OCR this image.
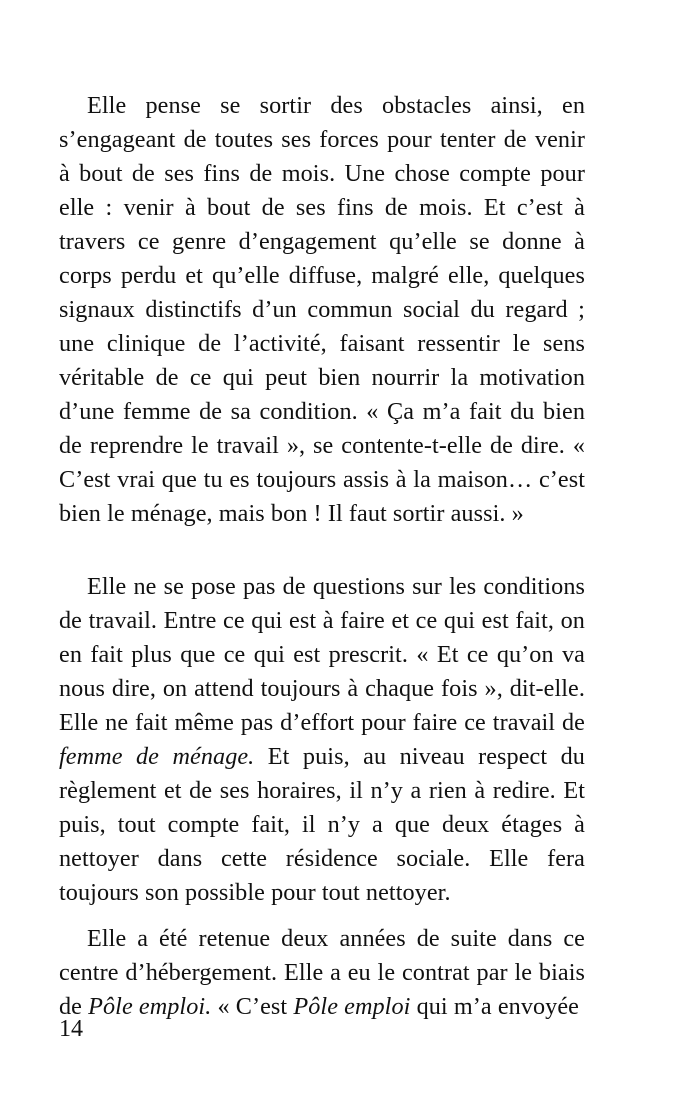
Elle pense se sortir des obstacles ainsi, en s’engageant de toutes ses forces pour tenter de venir à bout de ses fins de mois. Une chose compte pour elle : venir à bout de ses fins de mois. Et c’est à travers ce genre d’engagement qu’elle se donne à corps perdu et qu’elle diffuse, malgré elle, quelques signaux distinctifs d’un commun social du regard ; une clinique de l’activité, faisant ressentir le sens véritable de ce qui peut bien nourrir la motivation d’une femme de sa condition. « Ça m’a fait du bien de reprendre le travail », se contente-t-elle de dire. « C’est vrai que tu es toujours assis à la maison… c’est bien le ménage, mais bon ! Il faut sortir aussi. »

Elle ne se pose pas de questions sur les conditions de travail. Entre ce qui est à faire et ce qui est fait, on en fait plus que ce qui est prescrit. « Et ce qu’on va nous dire, on attend toujours à chaque fois », dit-elle. Elle ne fait même pas d’effort pour faire ce travail de femme de ménage. Et puis, au niveau respect du règlement et de ses horaires, il n’y a rien à redire. Et puis, tout compte fait, il n’y a que deux étages à nettoyer dans cette résidence sociale. Elle fera toujours son possible pour tout nettoyer.

Elle a été retenue deux années de suite dans ce centre d’hébergement. Elle a eu le contrat par le biais de Pôle emploi. « C’est Pôle emploi qui m’a envoyée

14
